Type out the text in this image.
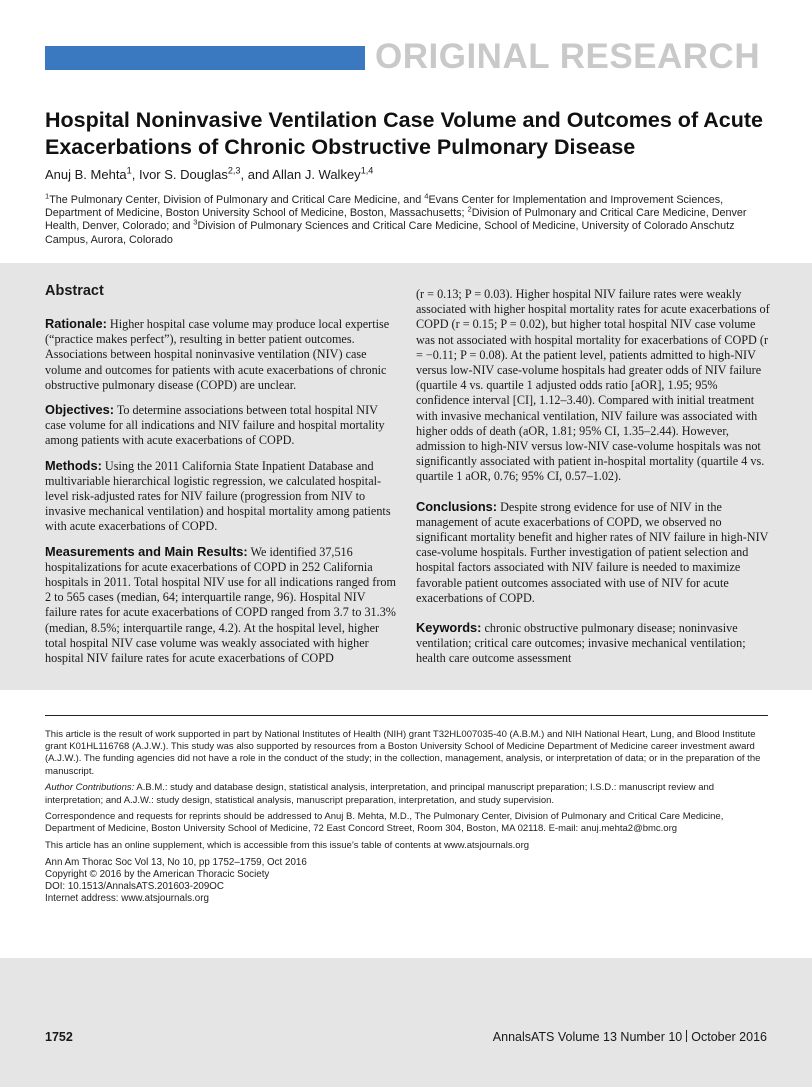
ORIGINAL RESEARCH
Hospital Noninvasive Ventilation Case Volume and Outcomes of Acute Exacerbations of Chronic Obstructive Pulmonary Disease
Anuj B. Mehta$^1$, Ivor S. Douglas$^{2,3}$, and Allan J. Walkey$^{1,4}$
$^1$The Pulmonary Center, Division of Pulmonary and Critical Care Medicine, and $^4$Evans Center for Implementation and Improvement Sciences, Department of Medicine, Boston University School of Medicine, Boston, Massachusetts; $^2$Division of Pulmonary and Critical Care Medicine, Denver Health, Denver, Colorado; and $^3$Division of Pulmonary Sciences and Critical Care Medicine, School of Medicine, University of Colorado Anschutz Campus, Aurora, Colorado
Abstract

Rationale: Higher hospital case volume may produce local expertise (“practice makes perfect”), resulting in better patient outcomes. Associations between hospital noninvasive ventilation (NIV) case volume and outcomes for patients with acute exacerbations of chronic obstructive pulmonary disease (COPD) are unclear.

Objectives: To determine associations between total hospital NIV case volume for all indications and NIV failure and hospital mortality among patients with acute exacerbations of COPD.

Methods: Using the 2011 California State Inpatient Database and multivariable hierarchical logistic regression, we calculated hospital-level risk-adjusted rates for NIV failure (progression from NIV to invasive mechanical ventilation) and hospital mortality among patients with acute exacerbations of COPD.

Measurements and Main Results: We identified 37,516 hospitalizations for acute exacerbations of COPD in 252 California hospitals in 2011. Total hospital NIV use for all indications ranged from 2 to 565 cases (median, 64; interquartile range, 96). Hospital NIV failure rates for acute exacerbations of COPD ranged from 3.7 to 31.3% (median, 8.5%; interquartile range, 4.2). At the hospital level, higher total hospital NIV case volume was weakly associated with higher hospital NIV failure rates for acute exacerbations of COPD

(r = 0.13; P = 0.03). Higher hospital NIV failure rates were weakly associated with higher hospital mortality rates for acute exacerbations of COPD (r = 0.15; P = 0.02), but higher total hospital NIV case volume was not associated with hospital mortality for exacerbations of COPD (r = −0.11; P = 0.08). At the patient level, patients admitted to high-NIV versus low-NIV case-volume hospitals had greater odds of NIV failure (quartile 4 vs. quartile 1 adjusted odds ratio [aOR], 1.95; 95% confidence interval [CI], 1.12–3.40). Compared with initial treatment with invasive mechanical ventilation, NIV failure was associated with higher odds of death (aOR, 1.81; 95% CI, 1.35–2.44). However, admission to high-NIV versus low-NIV case-volume hospitals was not significantly associated with patient in-hospital mortality (quartile 4 vs. quartile 1 aOR, 0.76; 95% CI, 0.57–1.02).

Conclusions: Despite strong evidence for use of NIV in the management of acute exacerbations of COPD, we observed no significant mortality benefit and higher rates of NIV failure in high-NIV case-volume hospitals. Further investigation of patient selection and hospital factors associated with NIV failure is needed to maximize favorable patient outcomes associated with use of NIV for acute exacerbations of COPD.

Keywords: chronic obstructive pulmonary disease; noninvasive ventilation; critical care outcomes; invasive mechanical ventilation; health care outcome assessment

This article is the result of work supported in part by National Institutes of Health (NIH) grant T32HL007035-40 (A.B.M.) and NIH National Heart, Lung, and Blood Institute grant K01HL116768 (A.J.W.). This study was also supported by resources from a Boston University School of Medicine Department of Medicine career investment award (A.J.W.). The funding agencies did not have a role in the conduct of the study; in the collection, management, analysis, or interpretation of data; or in the preparation of the manuscript.

Author Contributions: A.B.M.: study and database design, statistical analysis, interpretation, and principal manuscript preparation; I.S.D.: manuscript review and interpretation; and A.J.W.: study design, statistical analysis, manuscript preparation, interpretation, and study supervision.

Correspondence and requests for reprints should be addressed to Anuj B. Mehta, M.D., The Pulmonary Center, Division of Pulmonary and Critical Care Medicine, Department of Medicine, Boston University School of Medicine, 72 East Concord Street, Room 304, Boston, MA 02118. E-mail: anuj.mehta2@bmc.org

This article has an online supplement, which is accessible from this issue’s table of contents at www.atsjournals.org

Ann Am Thorac Soc Vol 13, No 10, pp 1752–1759, Oct 2016
Copyright © 2016 by the American Thoracic Society
DOI: 10.1513/AnnalsATS.201603-209OC
Internet address: www.atsjournals.org
1752	AnnalsATS Volume 13 Number 10 October 2016
